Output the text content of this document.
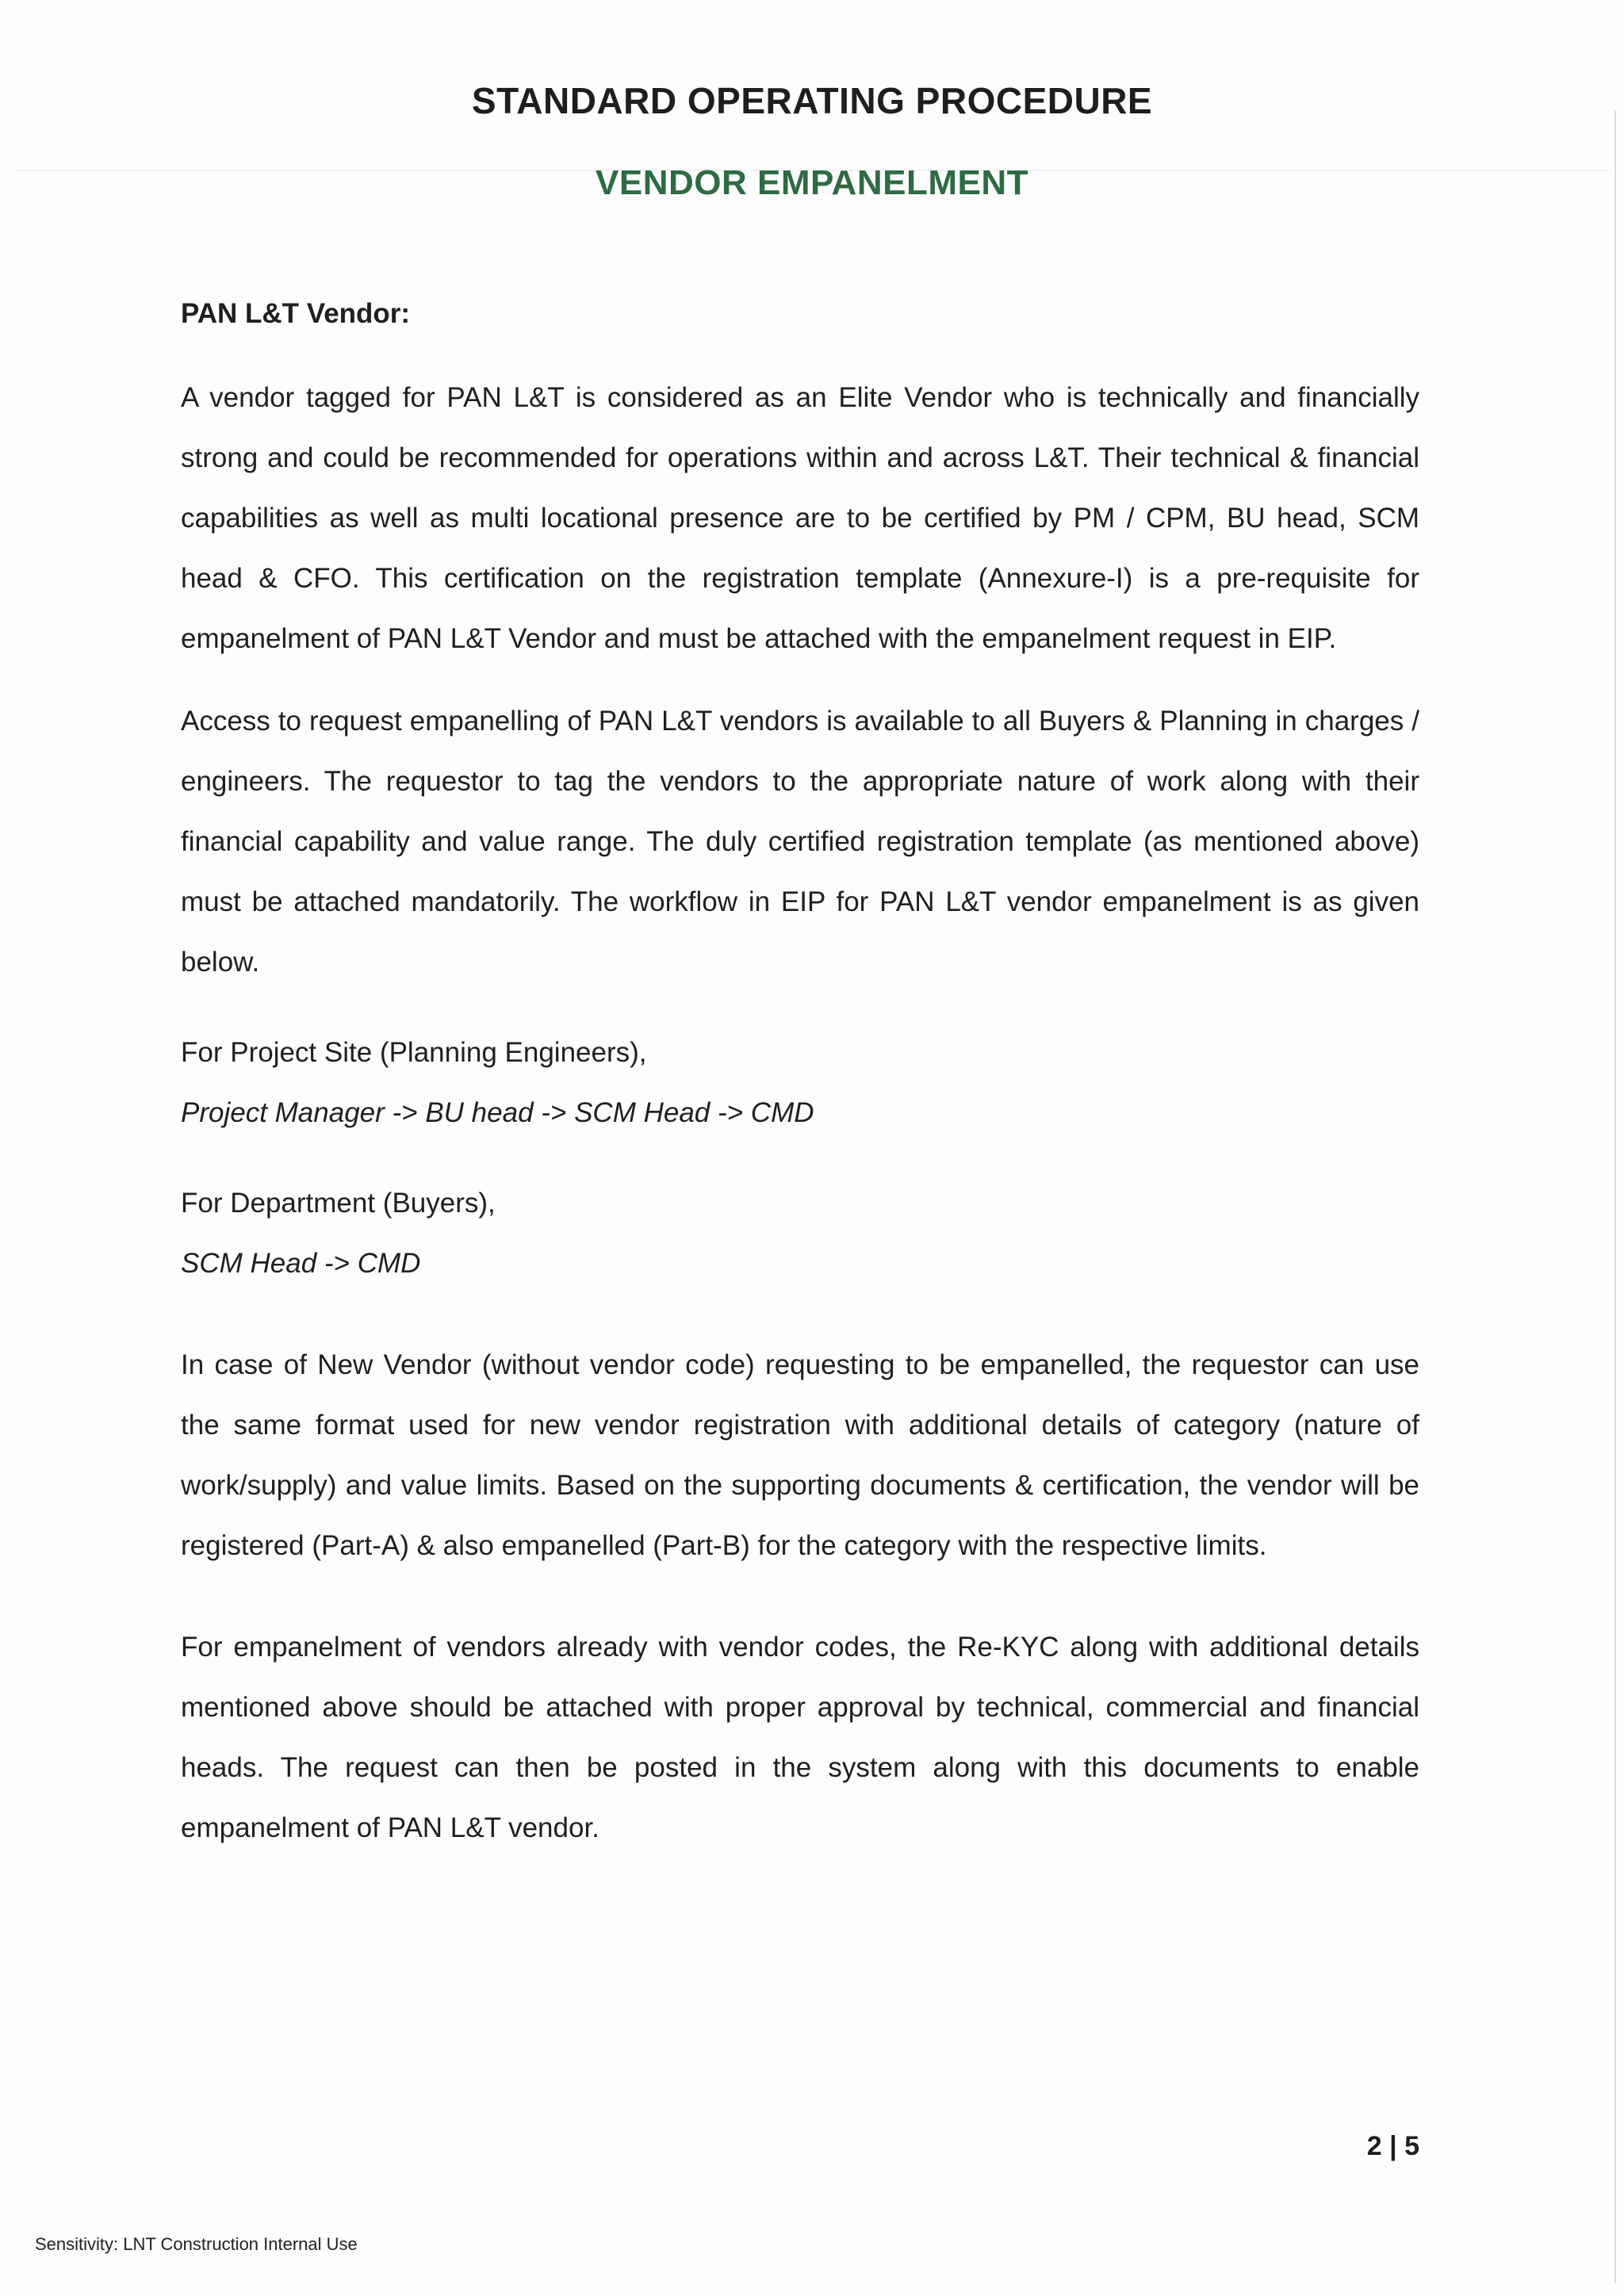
STANDARD OPERATING PROCEDURE
VENDOR EMPANELMENT
PAN L&T Vendor:

A vendor tagged for PAN L&T is considered as an Elite Vendor who is technically and financially strong and could be recommended for operations within and across L&T. Their technical & financial capabilities as well as multi locational presence are to be certified by PM / CPM, BU head, SCM head & CFO. This certification on the registration template (Annexure-I) is a pre-requisite for empanelment of PAN L&T Vendor and must be attached with the empanelment request in EIP.

Access to request empanelling of PAN L&T vendors is available to all Buyers & Planning in charges / engineers. The requestor to tag the vendors to the appropriate nature of work along with their financial capability and value range. The duly certified registration template (as mentioned above) must be attached mandatorily. The workflow in EIP for PAN L&T vendor empanelment is as given below.

For Project Site (Planning Engineers),

Project Manager -> BU head -> SCM Head -> CMD

For Department (Buyers),

SCM Head -> CMD

In case of New Vendor (without vendor code) requesting to be empanelled, the requestor can use the same format used for new vendor registration with additional details of category (nature of work/supply) and value limits. Based on the supporting documents & certification, the vendor will be registered (Part-A) & also empanelled (Part-B) for the category with the respective limits.

For empanelment of vendors already with vendor codes, the Re-KYC along with additional details mentioned above should be attached with proper approval by technical, commercial and financial heads. The request can then be posted in the system along with this documents to enable empanelment of PAN L&T vendor.

2 | 5
Sensitivity: LNT Construction Internal Use
